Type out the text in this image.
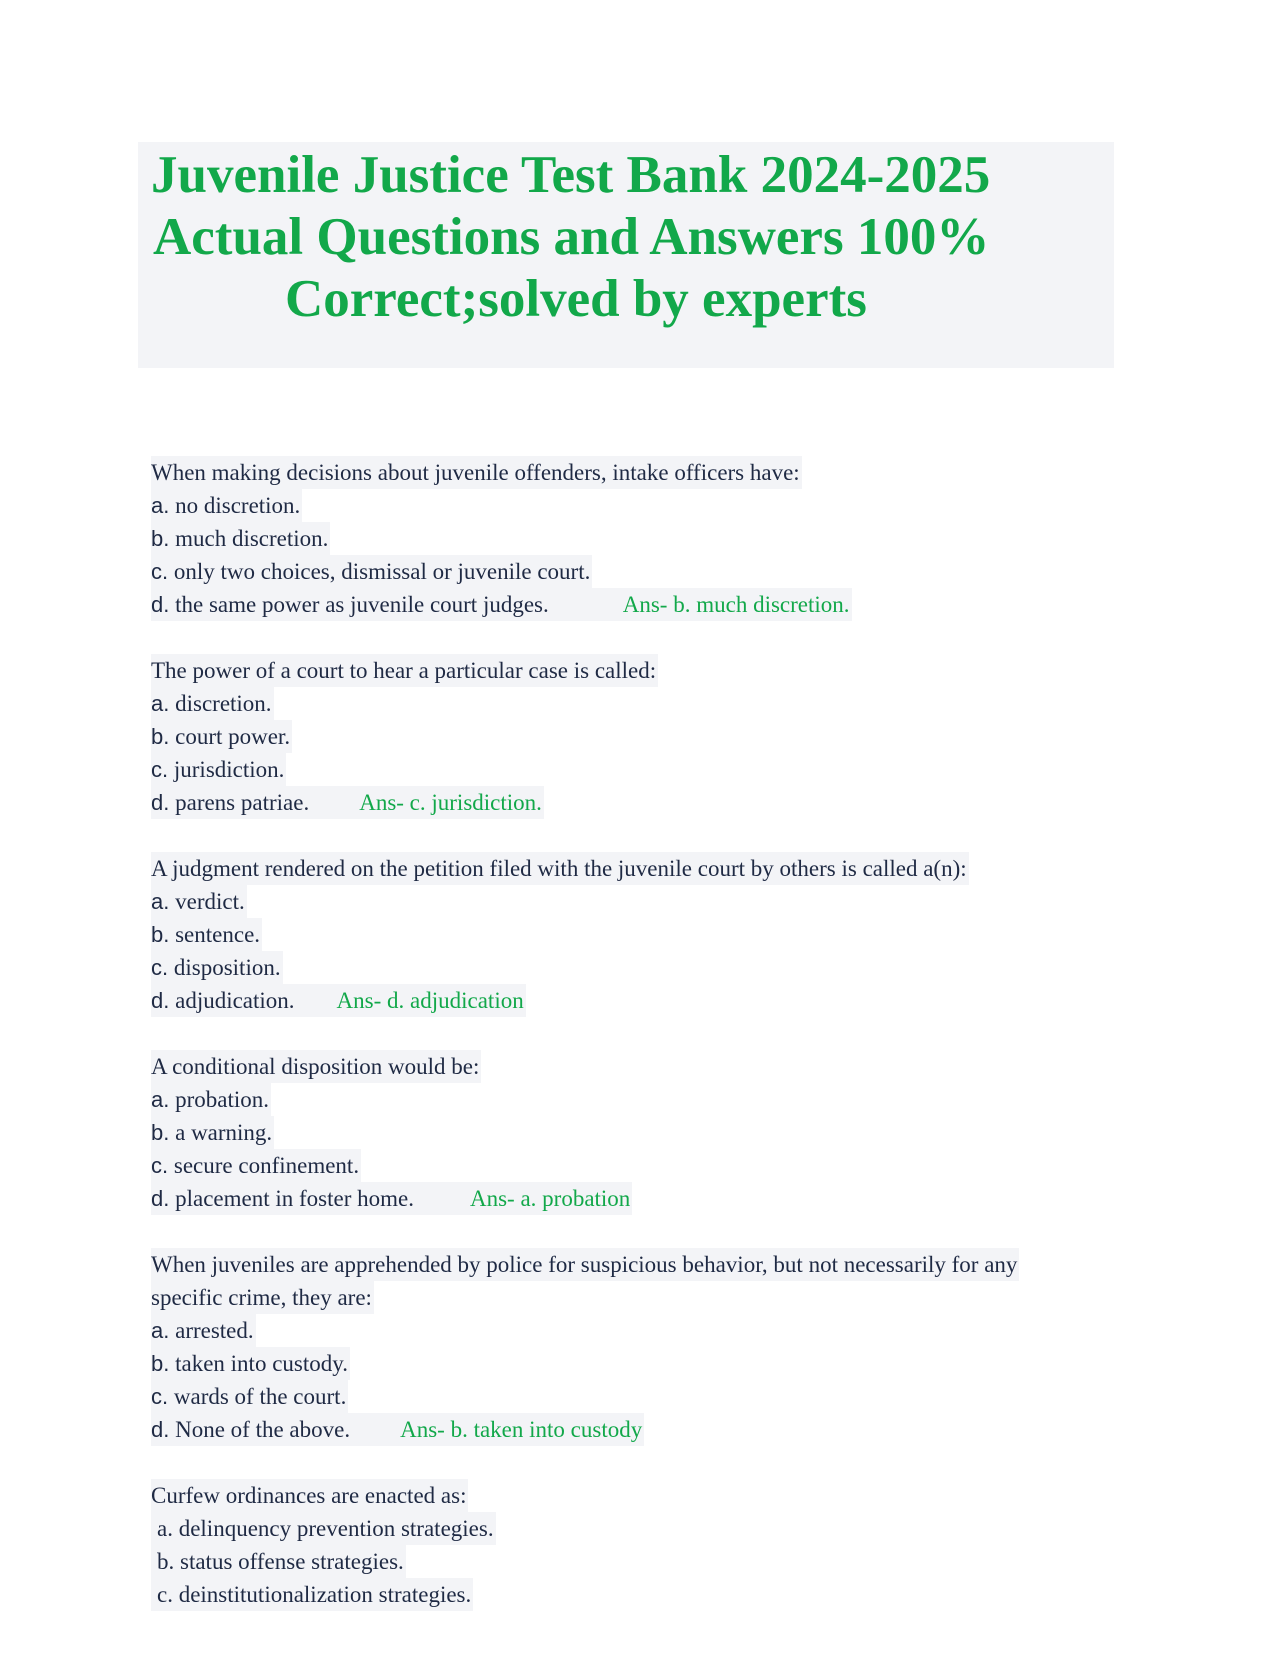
Juvenile Justice Test Bank 2024-2025
Actual Questions and Answers 100%
Correct;solved by experts
When making decisions about juvenile offenders, intake officers have:
a. no discretion.
b. much discretion.
c. only two choices, dismissal or juvenile court.
d. the same power as juvenile court judges.	Ans- b. much discretion.
The power of a court to hear a particular case is called:
a. discretion.
b. court power.
c. jurisdiction.
d. parens patriae. Ans- c. jurisdiction.
A judgment rendered on the petition filed with the juvenile court by others is called a(n):
a. verdict.
b. sentence.
c. disposition.
d. adjudication. Ans- d. adjudication
A conditional disposition would be:
a. probation.
b. a warning.
c. secure confinement.
d. placement in foster home. Ans- a. probation
When juveniles are apprehended by police for suspicious behavior, but not necessarily for any
specific crime, they are:
a. arrested.
b. taken into custody.
c. wards of the court.
d. None of the above. Ans- b. taken into custody
Curfew ordinances are enacted as:
a. delinquency prevention strategies.
b. status offense strategies.
c. deinstitutionalization strategies.
